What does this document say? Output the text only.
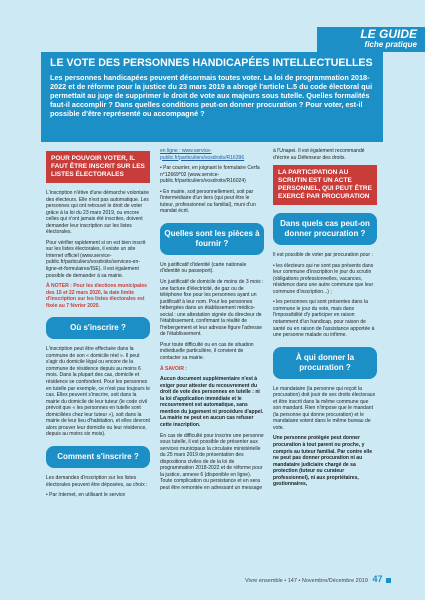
LE GUIDE
fiche pratique
LE VOTE DES PERSONNES HANDICAPÉES INTELLECTUELLES

Les personnes handicapées peuvent désormais toutes voter. La loi de programmation 2018-2022 et de réforme pour la justice du 23 mars 2019 a abrogé l'article L.5 du code électoral qui permettait au juge de supprimer le droit de vote aux majeurs sous tutelle. Quelles formalités faut-il accomplir ? Dans quelles conditions peut-on donner procuration ? Pour voter, est-il possible d'être représenté ou accompagné ?

POUR POUVOIR VOTER, IL FAUT ÊTRE INSCRIT SUR LES LISTES ÉLECTORALES

L'inscription n'étive d'une démarche volontaire des électeurs. Elle n'est pas automatique. Les personnes qui ont retrouvé le droit de voter grâce à la loi du 23 mars 2019, ou encore celles qui n'ont jamais été inscrites, doivent demander leur inscription sur les listes électorales.

Pour vérifier rapidement si on est bien inscrit sur les listes électorales, il existe un site Internet officiel (www.service-public.fr/particuliers/vosdroits/services-en-ligne-et-formulaires/ISE). Il est également possible de demander à sa mairie.

À NOTER : Pour les élections municipales des 15 et 22 mars 2020, la date limite d'inscription sur les listes électorales est fixée au 7 février 2020.

Où s'inscrire ?

L'inscription peut être effectuée dans la commune de son « domicile réel ». Il peut s'agir du domicile légal ou encore de la commune de résidence depuis au moins 6 mois. Dans la plupart des cas, domicile et résidence se confondent. Pour les personnes en tutelle par exemple, ce n'est pas toujours le cas. Elles peuvent s'inscrire, soit dans la mairie du domicile de leur tuteur (le code civil prévoit que « les personnes en tutelle sont domiciliées chez leur tuteur »), soit dans la mairie de leur lieu d'habitation, et elles devront alors prouver leur domicile ou leur résidence, depuis au moins six mois).

Comment s'inscrire ?

Les demandes d'inscription sur les listes électorales peuvent être déposées, au choix :

• Par Internet, en utilisant le service

en ligne : www.service-public.fr/particuliers/vosdroits/R16396

• Par courrier, en joignant le formulaire Cerfa n°12669*02 (www.service-public.fr/particuliers/vosdroits/R16024)

• En mairie, soit personnellement, soit par l'intermédiaire d'un tiers (qui peut être le tuteur, professionnel ou familial), muni d'un mandat écrit.

Quelles sont les pièces à fournir ?

Un justificatif d'identité (carte nationale d'identité ou passeport).

Un justificatif de domicile de moins de 3 mois : une facture d'électricité, de gaz ou de téléphone fixe pour les personnes ayant un justificatif à leur nom. Pour les personnes hébergées dans un établissement médico-social : une attestation signée du directeur de l'établissement, confirmant la réalité de l'hébergement et leur adresse figure l'adresse de l'établissement.

Pour toute difficulté ou en cas de situation individuelle particulière, il convient de contacter sa mairie.

À SAVOIR :

Aucun document supplémentaire n'est à exiger pour attester du recouvrement du droit de vote des personnes en tutelle : ni la loi d'application immédiate et le recouvrement est automatique, sans mention du jugement ni procédure d'appel. La mairie ne peut en aucun cas refuser cette inscription.

En cas de difficulté pour inscrire une personne sous tutelle, il est possible de présenter aux services municipaux la circulaire ministérielle du 25 mars 2019 de présentation des dispositions civiles de de la loi de programmation 2018-2022 et de réforme pour la justice, annexe 6 (disponible en ligne). Toute complication ou persistance et en sera peut être remontée en adressant un message

à l'Unapei. Il est également recommandé d'écrire au Défenseur des droits.

LA PARTICIPATION AU SCRUTIN EST UN ACTE PERSONNEL, QUI PEUT ÊTRE EXERCÉ PAR PROCURATION
Dans quels cas peut-on donner procuration ?

Il est possible de voter par procuration pour :

• les électeurs qui ne sont pas présents dans leur commune d'inscription le jour du scrutin (obligations professionnelles, vacances, résidence dans une autre commune que leur commune d'inscription...) ;

• les personnes qui sont présentes dans la commune le jour du vote, mais dans l'impossibilité d'y participer en raison notamment d'un handicap, pour raison de santé ou en raison de l'assistance apportée à une personne malade ou infirme.

À qui donner la procuration ?

Le mandataire (la personne qui reçoit la procuration) doit jouir de ses droits électoraux et être inscrit dans la même commune que son mandant. Rien n'impose que le mandant (la personne qui donne procuration) et le mandataire votent dans le même bureau de vote.

Une personne protégée peut donner procuration à tout parent ou proche, y compris au tuteur familial. Par contre elle ne peut pas donner procuration ni au mandataire judiciaire chargé de sa protection (tuteur ou curateur professionnel), ni aux propriétaires, gestionnaires,

Vivre ensemble • 147 • Novembre/Décembre 2019 47
